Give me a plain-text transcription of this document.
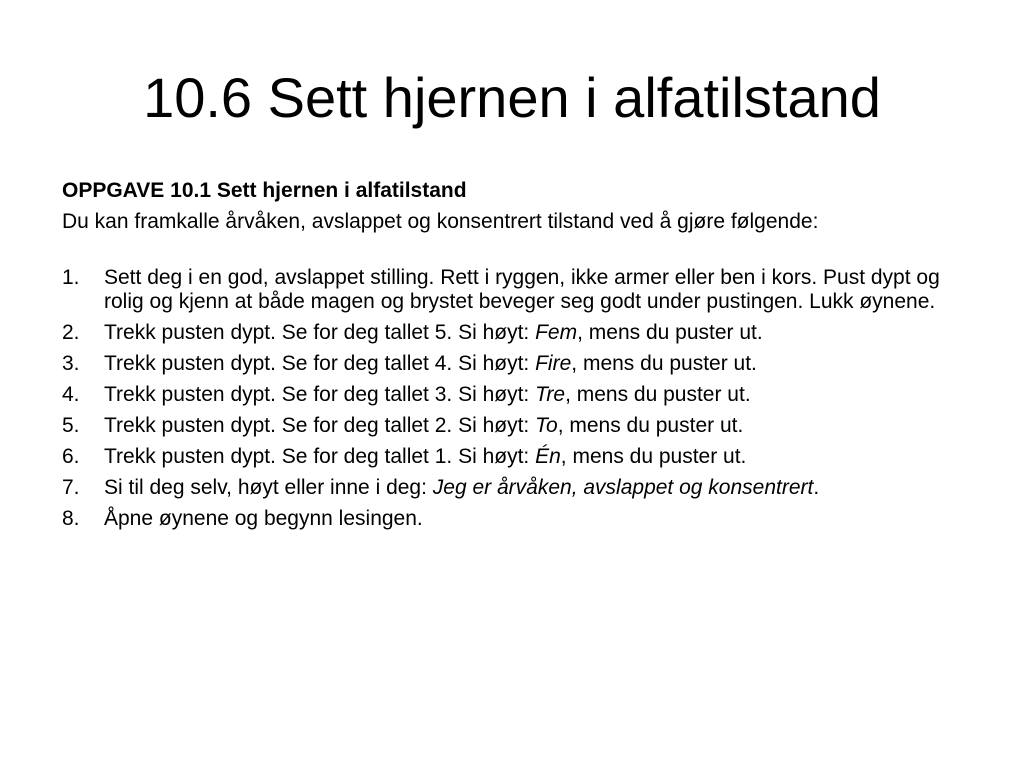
10.6 Sett hjernen i alfatilstand

OPPGAVE 10.1 Sett hjernen i alfatilstand

Du kan framkalle årvåken, avslappet og konsentrert tilstand ved å gjøre følgende:

1. Sett deg i en god, avslappet stilling. Rett i ryggen, ikke armer eller ben i kors. Pust dypt og rolig og kjenn at både magen og brystet beveger seg godt under pustingen. Lukk øynene.
2. Trekk pusten dypt. Se for deg tallet 5. Si høyt: Fem, mens du puster ut.
3. Trekk pusten dypt. Se for deg tallet 4. Si høyt: Fire, mens du puster ut.
4. Trekk pusten dypt. Se for deg tallet 3. Si høyt: Tre, mens du puster ut.
5. Trekk pusten dypt. Se for deg tallet 2. Si høyt: To, mens du puster ut.
6. Trekk pusten dypt. Se for deg tallet 1. Si høyt: Én, mens du puster ut.
7. Si til deg selv, høyt eller inne i deg: Jeg er årvåken, avslappet og konsentrert.
8. Åpne øynene og begynn lesingen.
